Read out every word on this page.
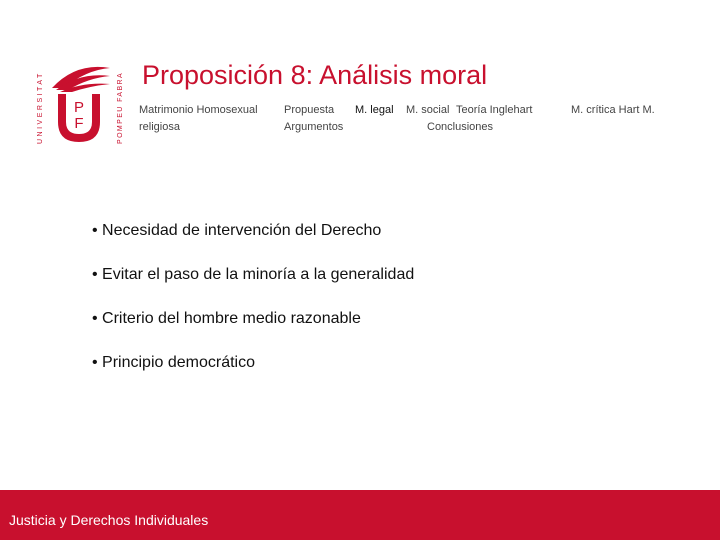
UNIVERSITAT	POMPEU FABRA
P
F
Proposición 8: Análisis moral
Matrimonio Homosexual
religiosa
Propuesta
Argumentos
M. legal M. social
Conclusiones
Teoría Inglehart	M. crítica Hart M.
• Necesidad de intervención del Derecho
• Evitar el paso de la minoría a la generalidad
• Criterio del hombre medio razonable
• Principio democrático
Justicia y Derechos Individuales
